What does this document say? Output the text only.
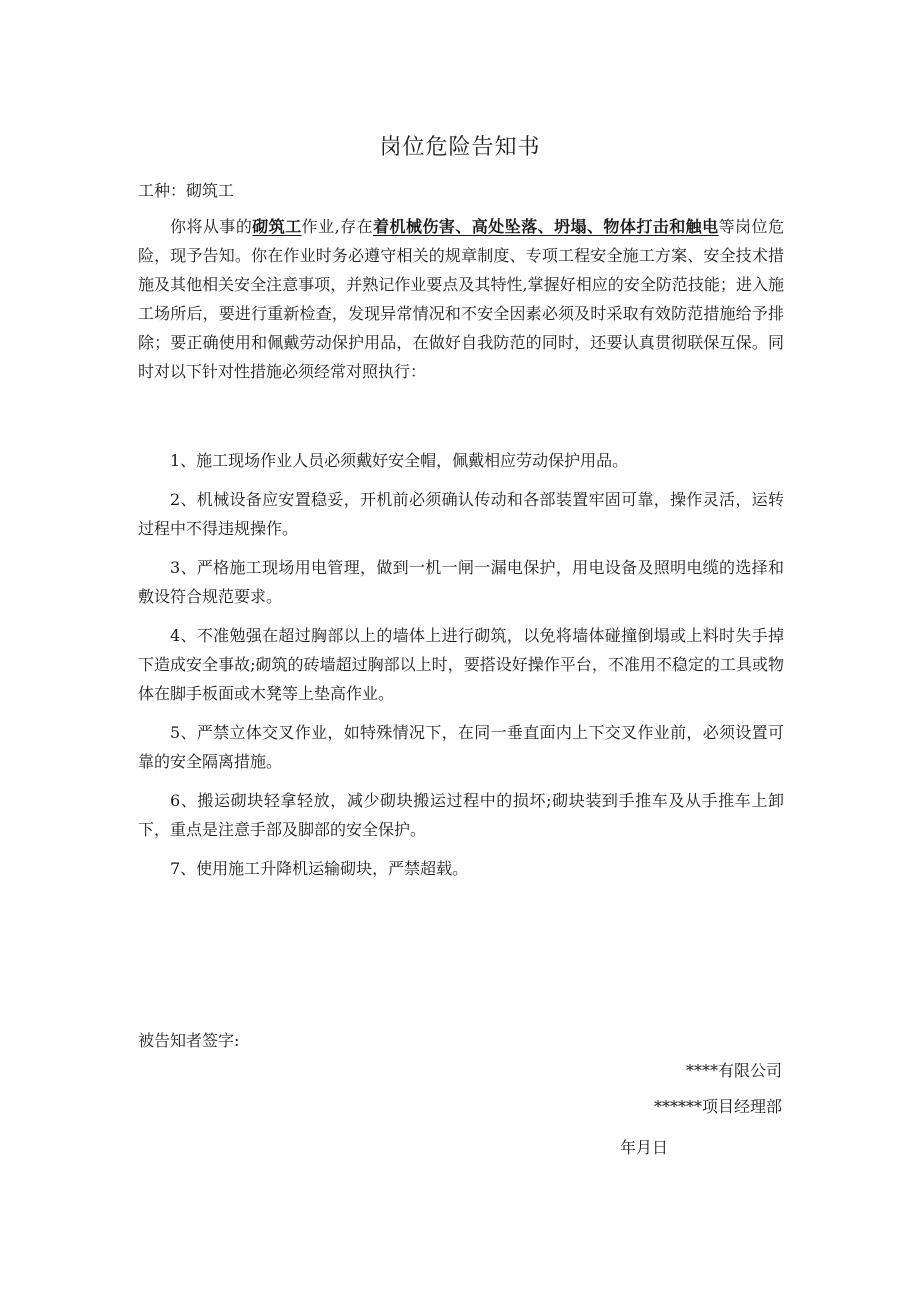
岗位危险告知书
工种：砌筑工
你将从事的砌筑工作业,存在着机械伤害、高处坠落、坍塌、物体打击和触电等岗位危险，现予告知。你在作业时务必遵守相关的规章制度、专项工程安全施工方案、安全技术措施及其他相关安全注意事项，并熟记作业要点及其特性,掌握好相应的安全防范技能；进入施工场所后，要进行重新检查，发现异常情况和不安全因素必须及时采取有效防范措施给予排除；要正确使用和佩戴劳动保护用品，在做好自我防范的同时，还要认真贯彻联保互保。同时对以下针对性措施必须经常对照执行：

1、施工现场作业人员必须戴好安全帽，佩戴相应劳动保护用品。

2、机械设备应安置稳妥，开机前必须确认传动和各部装置牢固可靠，操作灵活，运转过程中不得违规操作。

3、严格施工现场用电管理，做到一机一闸一漏电保护，用电设备及照明电缆的选择和敷设符合规范要求。

4、不准勉强在超过胸部以上的墙体上进行砌筑，以免将墙体碰撞倒塌或上料时失手掉下造成安全事故;砌筑的砖墙超过胸部以上时，要搭设好操作平台，不准用不稳定的工具或物体在脚手板面或木凳等上垫高作业。

5、严禁立体交叉作业，如特殊情况下，在同一垂直面内上下交叉作业前，必须设置可靠的安全隔离措施。

6、搬运砌块轻拿轻放，减少砌块搬运过程中的损坏;砌块装到手推车及从手推车上卸下，重点是注意手部及脚部的安全保护。

7、使用施工升降机运输砌块，严禁超载。

被告知者签字:
****有限公司
******项目经理部
年月日
